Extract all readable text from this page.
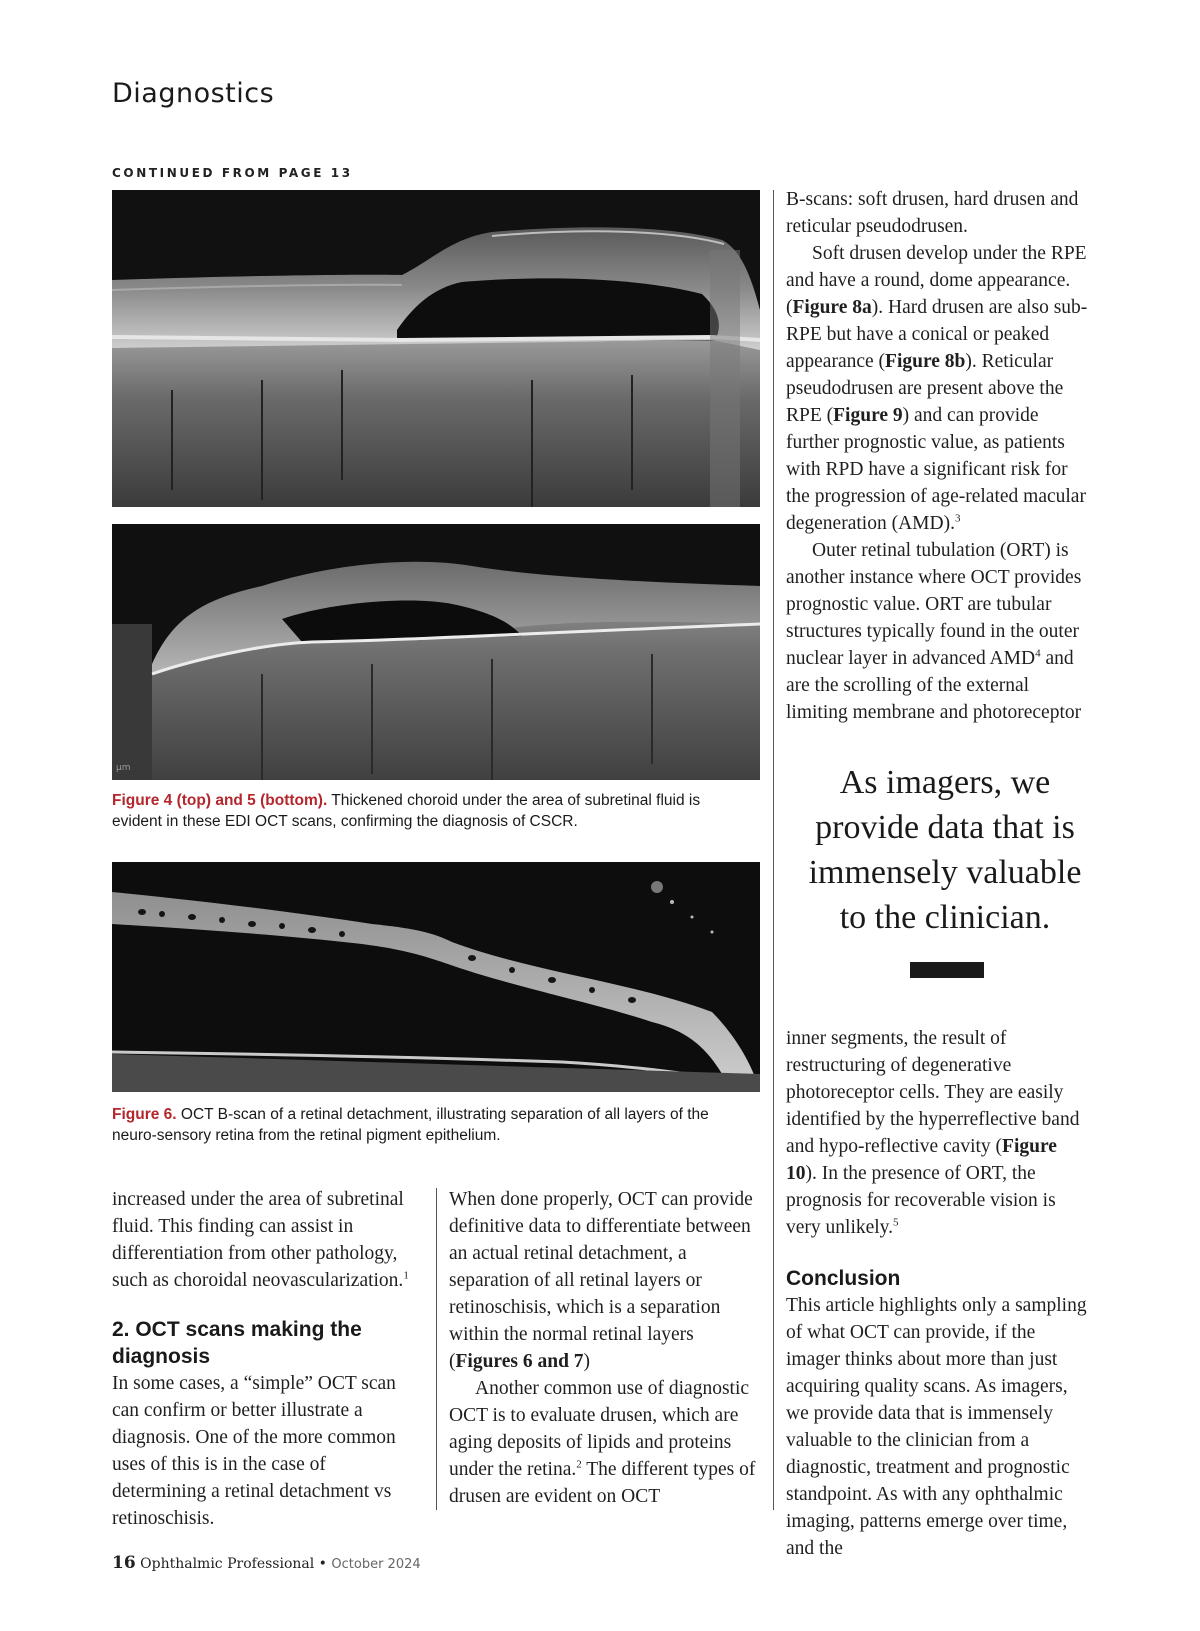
Diagnostics
CONTINUED FROM PAGE 13
µm
Figure 4 (top) and 5 (bottom). Thickened choroid under the area of subretinal fluid is evident in these EDI OCT scans, confirming the diagnosis of CSCR.
Figure 6. OCT B-scan of a retinal detachment, illustrating separation of all layers of the neuro-sensory retina from the retinal pigment epithelium.

increased under the area of subretinal fluid. This finding can assist in differentiation from other pathology, such as choroidal neovascularization.$^1$

2. OCT scans making the diagnosis

In some cases, a “simple” OCT scan can confirm or better illustrate a diagnosis. One of the more common uses of this is in the case of determining a retinal detachment vs retinoschisis.

When done properly, OCT can provide definitive data to differentiate between an actual retinal detachment, a separation of all retinal layers or retinoschisis, which is a separation within the normal retinal layers (Figures 6 and 7)

Another common use of diagnostic OCT is to evaluate drusen, which are aging deposits of lipids and proteins under the retina.$^2$ The different types of drusen are evident on OCT

B-scans: soft drusen, hard drusen and reticular pseudodrusen.

Soft drusen develop under the RPE and have a round, dome appearance. (Figure 8a). Hard drusen are also sub-RPE but have a conical or peaked appearance (Figure 8b). Reticular pseudodrusen are present above the RPE (Figure 9) and can provide further prognostic value, as patients with RPD have a significant risk for the progression of age-related macular degeneration (AMD).$^3$

Outer retinal tubulation (ORT) is another instance where OCT provides prognostic value. ORT are tubular structures typically found in the outer nuclear layer in advanced AMD$^4$ and are the scrolling of the external limiting membrane and photoreceptor

As imagers, we provide data that is immensely valuable to the clinician.

inner segments, the result of restructuring of degenerative photoreceptor cells. They are easily identified by the hyperreflective band and hypo-reflective cavity (Figure 10). In the presence of ORT, the prognosis for recoverable vision is very unlikely.$^5$

Conclusion

This article highlights only a sampling of what OCT can provide, if the imager thinks about more than just acquiring quality scans. As imagers, we provide data that is immensely valuable to the clinician from a diagnostic, treatment and prognostic standpoint. As with any ophthalmic imaging, patterns emerge over time, and the

16 Ophthalmic Professional • October 2024
